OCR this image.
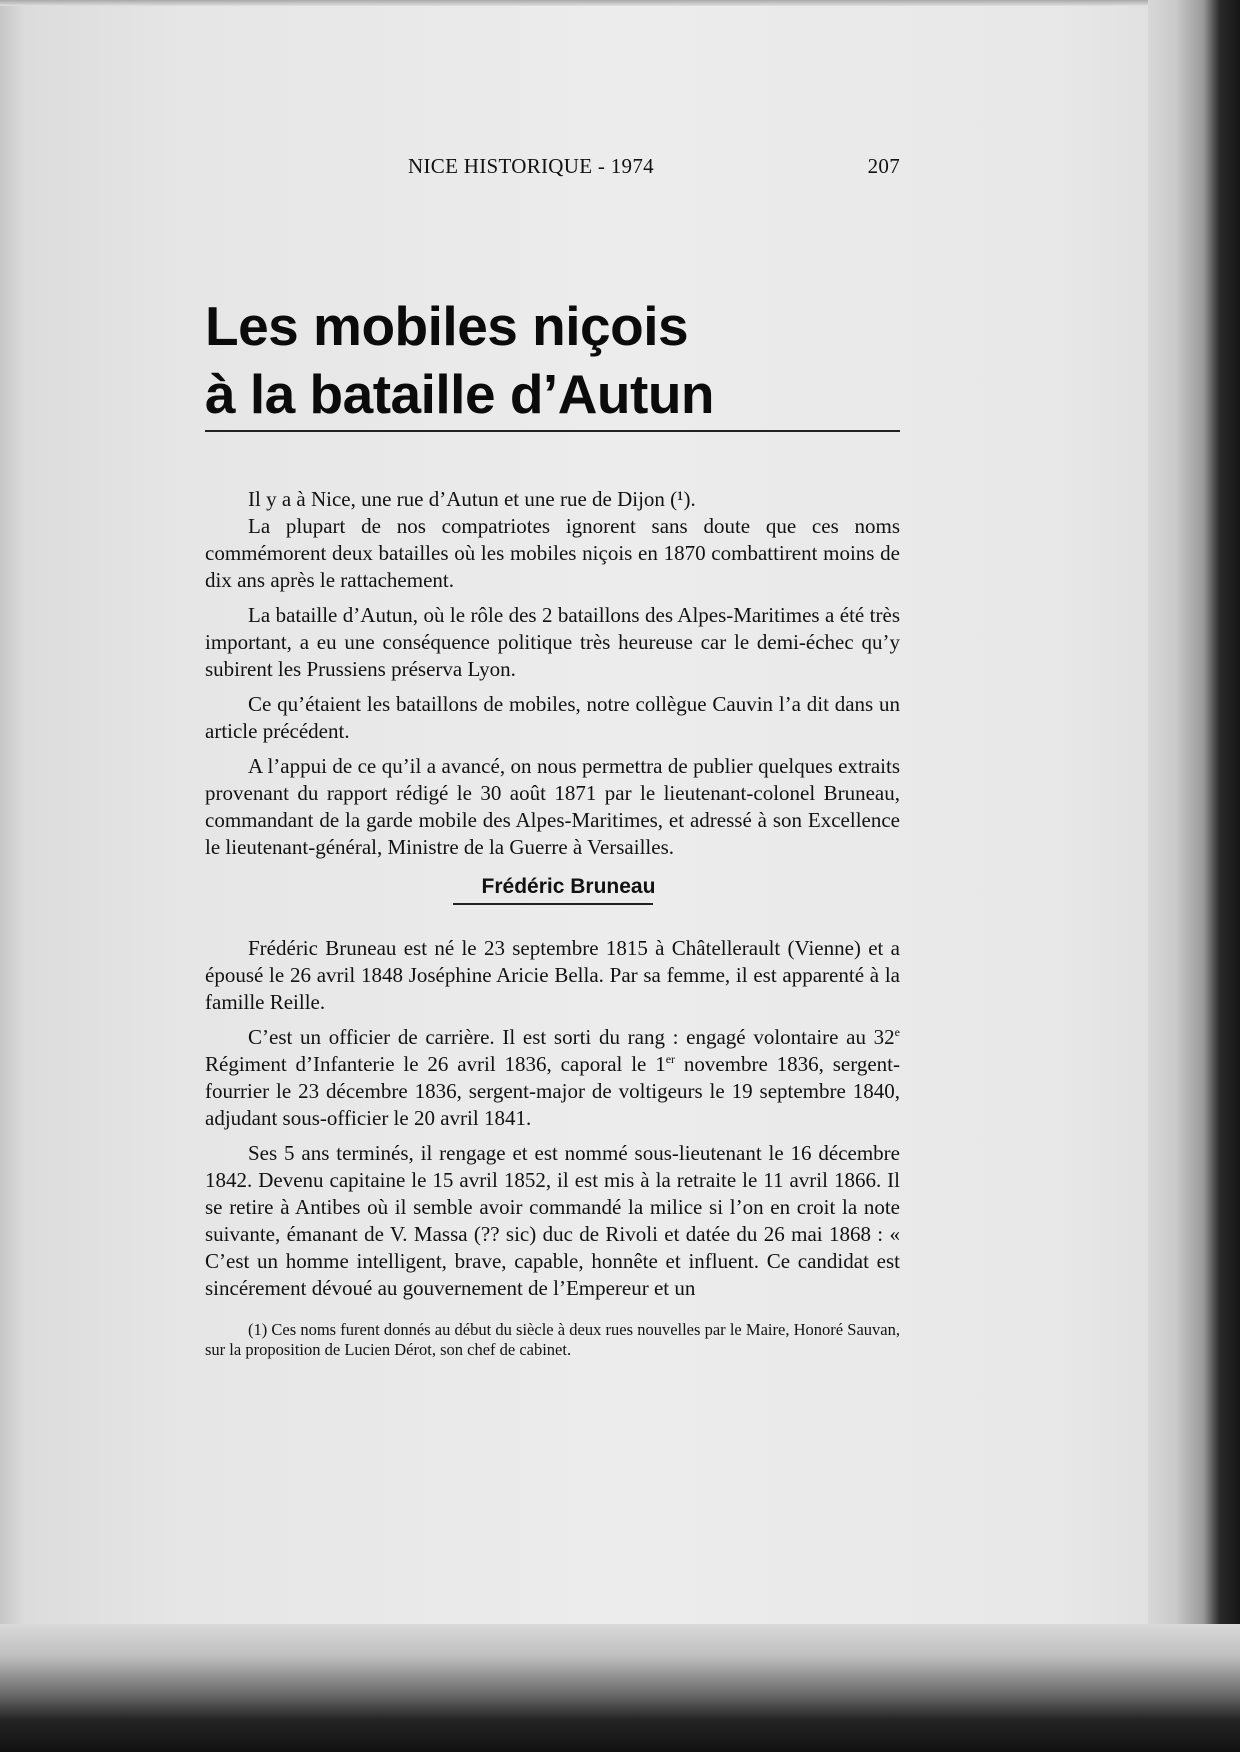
NICE HISTORIQUE - 1974	207
Les mobiles niçois
à la bataille d’Autun

Il y a à Nice, une rue d’Autun et une rue de Dijon (¹).

La plupart de nos compatriotes ignorent sans doute que ces noms commémorent deux batailles où les mobiles niçois en 1870 combattirent moins de dix ans après le rattachement.

La bataille d’Autun, où le rôle des 2 bataillons des Alpes-Maritimes a été très important, a eu une conséquence politique très heureuse car le demi-échec qu’y subirent les Prussiens préserva Lyon.

Ce qu’étaient les bataillons de mobiles, notre collègue Cauvin l’a dit dans un article précédent.

A l’appui de ce qu’il a avancé, on nous permettra de publier quelques extraits provenant du rapport rédigé le 30 août 1871 par le lieutenant-colonel Bruneau, commandant de la garde mobile des Alpes-Maritimes, et adressé à son Excellence le lieutenant-général, Ministre de la Guerre à Versailles.

Frédéric Bruneau

Frédéric Bruneau est né le 23 septembre 1815 à Châtellerault (Vienne) et a épousé le 26 avril 1848 Joséphine Aricie Bella. Par sa femme, il est apparenté à la famille Reille.

C’est un officier de carrière. Il est sorti du rang : engagé volontaire au 32e Régiment d’Infanterie le 26 avril 1836, caporal le 1er novembre 1836, sergent-fourrier le 23 décembre 1836, sergent-major de voltigeurs le 19 septembre 1840, adjudant sous-officier le 20 avril 1841.

Ses 5 ans terminés, il rengage et est nommé sous-lieutenant le 16 décembre 1842. Devenu capitaine le 15 avril 1852, il est mis à la retraite le 11 avril 1866. Il se retire à Antibes où il semble avoir commandé la milice si l’on en croit la note suivante, émanant de V. Massa (?? sic) duc de Rivoli et datée du 26 mai 1868 : « C’est un homme intelligent, brave, capable, honnête et influent. Ce candidat est sincérement dévoué au gouvernement de l’Empereur et un

(1) Ces noms furent donnés au début du siècle à deux rues nouvelles par le Maire, Honoré Sauvan, sur la proposition de Lucien Dérot, son chef de cabinet.
